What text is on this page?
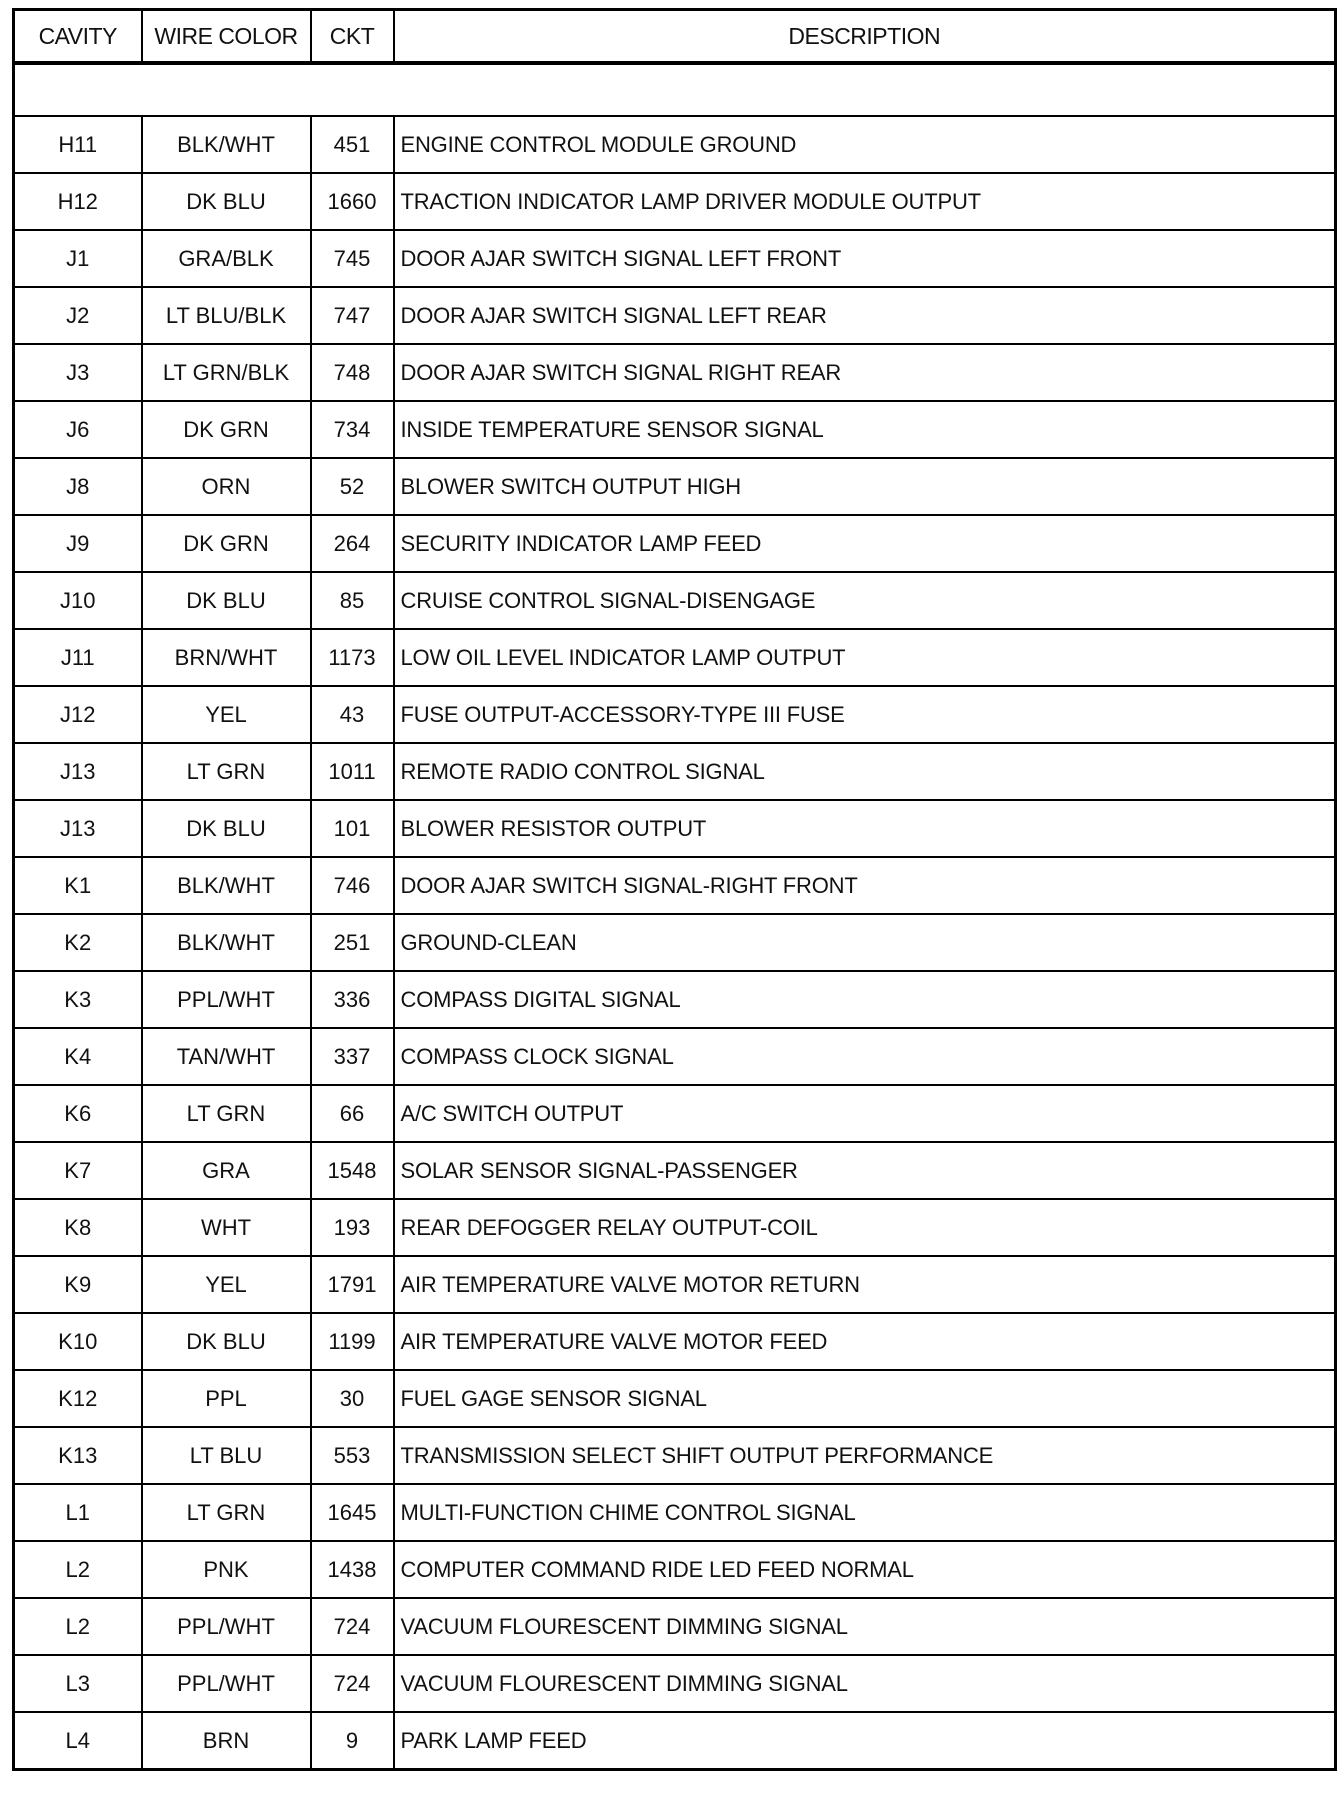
CAVITY	WIRE COLOR	CKT	DESCRIPTION

H11	BLK/WHT	451	ENGINE CONTROL MODULE GROUND
H12	DK BLU	1660	TRACTION INDICATOR LAMP DRIVER MODULE OUTPUT
J1	GRA/BLK	745	DOOR AJAR SWITCH SIGNAL LEFT FRONT
J2	LT BLU/BLK	747	DOOR AJAR SWITCH SIGNAL LEFT REAR
J3	LT GRN/BLK	748	DOOR AJAR SWITCH SIGNAL RIGHT REAR
J6	DK GRN	734	INSIDE TEMPERATURE SENSOR SIGNAL
J8	ORN	52	BLOWER SWITCH OUTPUT HIGH
J9	DK GRN	264	SECURITY INDICATOR LAMP FEED
J10	DK BLU	85	CRUISE CONTROL SIGNAL-DISENGAGE
J11	BRN/WHT	1173	LOW OIL LEVEL INDICATOR LAMP OUTPUT
J12	YEL	43	FUSE OUTPUT-ACCESSORY-TYPE III FUSE
J13	LT GRN	1011	REMOTE RADIO CONTROL SIGNAL
J13	DK BLU	101	BLOWER RESISTOR OUTPUT
K1	BLK/WHT	746	DOOR AJAR SWITCH SIGNAL-RIGHT FRONT
K2	BLK/WHT	251	GROUND-CLEAN
K3	PPL/WHT	336	COMPASS DIGITAL SIGNAL
K4	TAN/WHT	337	COMPASS CLOCK SIGNAL
K6	LT GRN	66	A/C SWITCH OUTPUT
K7	GRA	1548	SOLAR SENSOR SIGNAL-PASSENGER
K8	WHT	193	REAR DEFOGGER RELAY OUTPUT-COIL
K9	YEL	1791	AIR TEMPERATURE VALVE MOTOR RETURN
K10	DK BLU	1199	AIR TEMPERATURE VALVE MOTOR FEED
K12	PPL	30	FUEL GAGE SENSOR SIGNAL
K13	LT BLU	553	TRANSMISSION SELECT SHIFT OUTPUT PERFORMANCE
L1	LT GRN	1645	MULTI-FUNCTION CHIME CONTROL SIGNAL
L2	PNK	1438	COMPUTER COMMAND RIDE LED FEED NORMAL
L2	PPL/WHT	724	VACUUM FLOURESCENT DIMMING SIGNAL
L3	PPL/WHT	724	VACUUM FLOURESCENT DIMMING SIGNAL
L4	BRN	9	PARK LAMP FEED
